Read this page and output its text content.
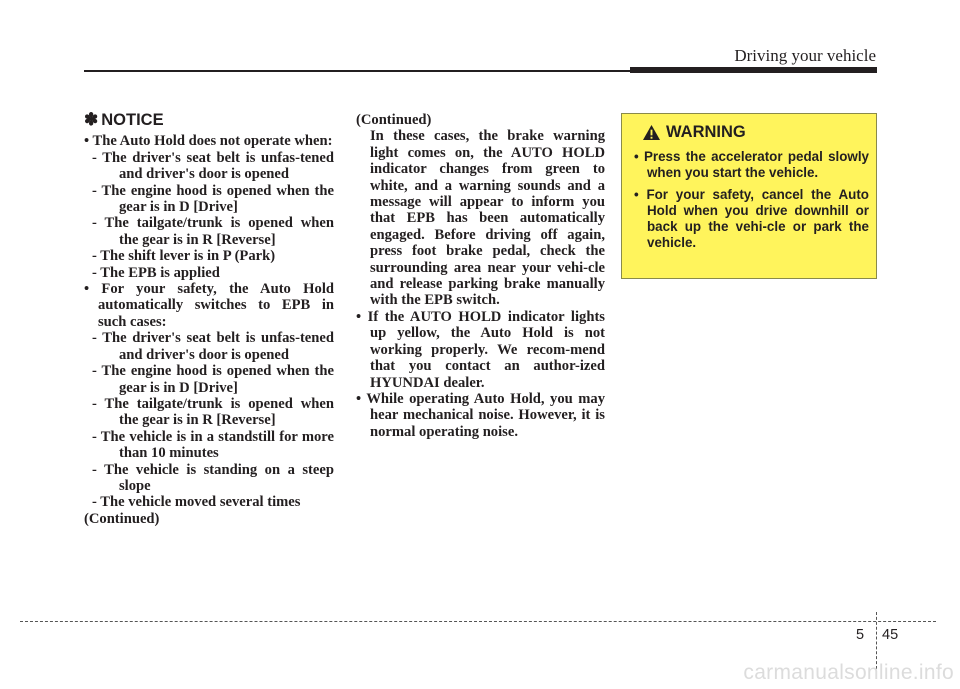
Driving your vehicle
✽ NOTICE
• The Auto Hold does not operate when:
- The driver's seat belt is unfas-tened and driver's door is opened
- The engine hood is opened when the gear is in D [Drive]
- The tailgate/trunk is opened when the gear is in R [Reverse]
- The shift lever is in P (Park)
- The EPB is applied
• For your safety, the Auto Hold automatically switches to EPB in such cases:
- The driver's seat belt is unfas-tened and driver's door is opened
- The engine hood is opened when the gear is in D [Drive]
- The tailgate/trunk is opened when the gear is in R [Reverse]
- The vehicle is in a standstill for more than 10 minutes
- The vehicle is standing on a steep slope
- The vehicle moved several times
(Continued)
(Continued)
In these cases, the brake warning light comes on, the AUTO HOLD indicator changes from green to white, and a warning sounds and a message will appear to inform you that EPB has been automatically engaged. Before driving off again, press foot brake pedal, check the surrounding area near your vehi-cle and release parking brake manually with the EPB switch.
• If the AUTO HOLD indicator lights up yellow, the Auto Hold is not working properly. We recom-mend that you contact an author-ized HYUNDAI dealer.
• While operating Auto Hold, you may hear mechanical noise. However, it is normal operating noise.
WARNING
• Press the accelerator pedal slowly when you start the vehicle.
• For your safety, cancel the Auto Hold when you drive downhill or back up the vehi-cle or park the vehicle.
5 45
carmanualsonline.info
